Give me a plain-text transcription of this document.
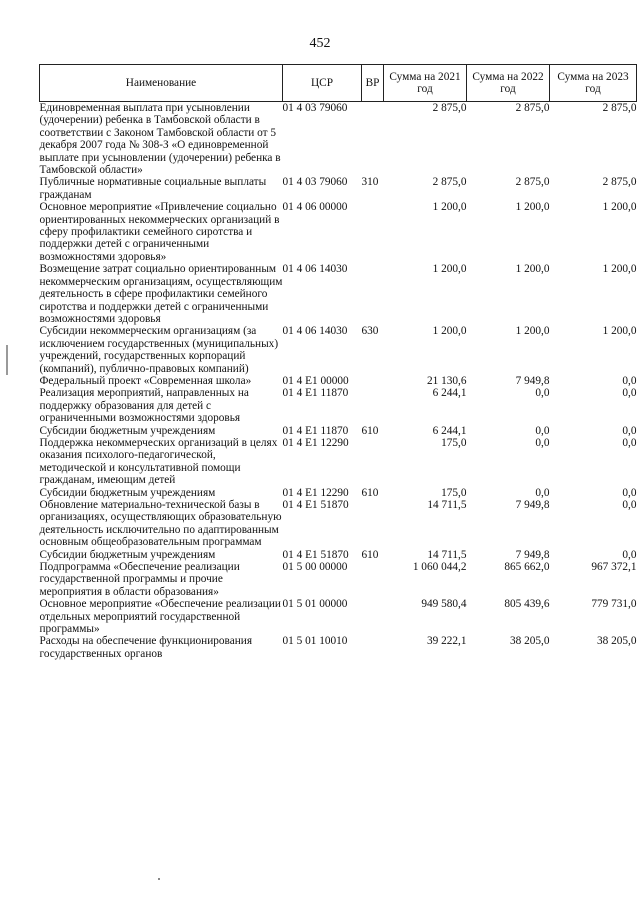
452
Наименование	ЦСР	ВР	Сумма на 2021 год	Сумма на 2022 год	Сумма на 2023 год
Единовременная выплата при усыновлении (удочерении) ребенка в Тамбовской области в соответствии с Законом Тамбовской области от 5 декабря 2007 года № 308-З «О единовременной выплате при усыновлении (удочерении) ребенка в Тамбовской области»	01 4 03 79060		2 875,0	2 875,0	2 875,0
Публичные нормативные социальные выплаты гражданам	01 4 03 79060	310	2 875,0	2 875,0	2 875,0
Основное мероприятие «Привлечение социально ориентированных некоммерческих организаций в сферу профилактики семейного сиротства и поддержки детей с ограниченными возможностями здоровья»	01 4 06 00000		1 200,0	1 200,0	1 200,0
Возмещение затрат социально ориентированным некоммерческим организациям, осуществляющим деятельность в сфере профилактики семейного сиротства и поддержки детей с ограниченными возможностями здоровья	01 4 06 14030		1 200,0	1 200,0	1 200,0
Субсидии некоммерческим организациям (за исключением государственных (муниципальных) учреждений, государственных корпораций (компаний), публично-правовых компаний)	01 4 06 14030	630	1 200,0	1 200,0	1 200,0
Федеральный проект «Современная школа»	01 4 E1 00000		21 130,6	7 949,8	0,0
Реализация мероприятий, направленных на поддержку образования для детей с ограниченными возможностями здоровья	01 4 E1 11870		6 244,1	0,0	0,0
Субсидии бюджетным учреждениям	01 4 E1 11870	610	6 244,1	0,0	0,0
Поддержка некоммерческих организаций в целях оказания психолого-педагогической, методической и консультативной помощи гражданам, имеющим детей	01 4 E1 12290		175,0	0,0	0,0
Субсидии бюджетным учреждениям	01 4 E1 12290	610	175,0	0,0	0,0
Обновление материально-технической базы в организациях, осуществляющих образовательную деятельность исключительно по адаптированным основным общеобразовательным программам	01 4 E1 51870		14 711,5	7 949,8	0,0
Субсидии бюджетным учреждениям	01 4 E1 51870	610	14 711,5	7 949,8	0,0
Подпрограмма «Обеспечение реализации государственной программы и прочие мероприятия в области образования»	01 5 00 00000		1 060 044,2	865 662,0	967 372,1
Основное мероприятие «Обеспечение реализации отдельных мероприятий государственной программы»	01 5 01 00000		949 580,4	805 439,6	779 731,0
Расходы на обеспечение функционирования государственных органов	01 5 01 10010		39 222,1	38 205,0	38 205,0
